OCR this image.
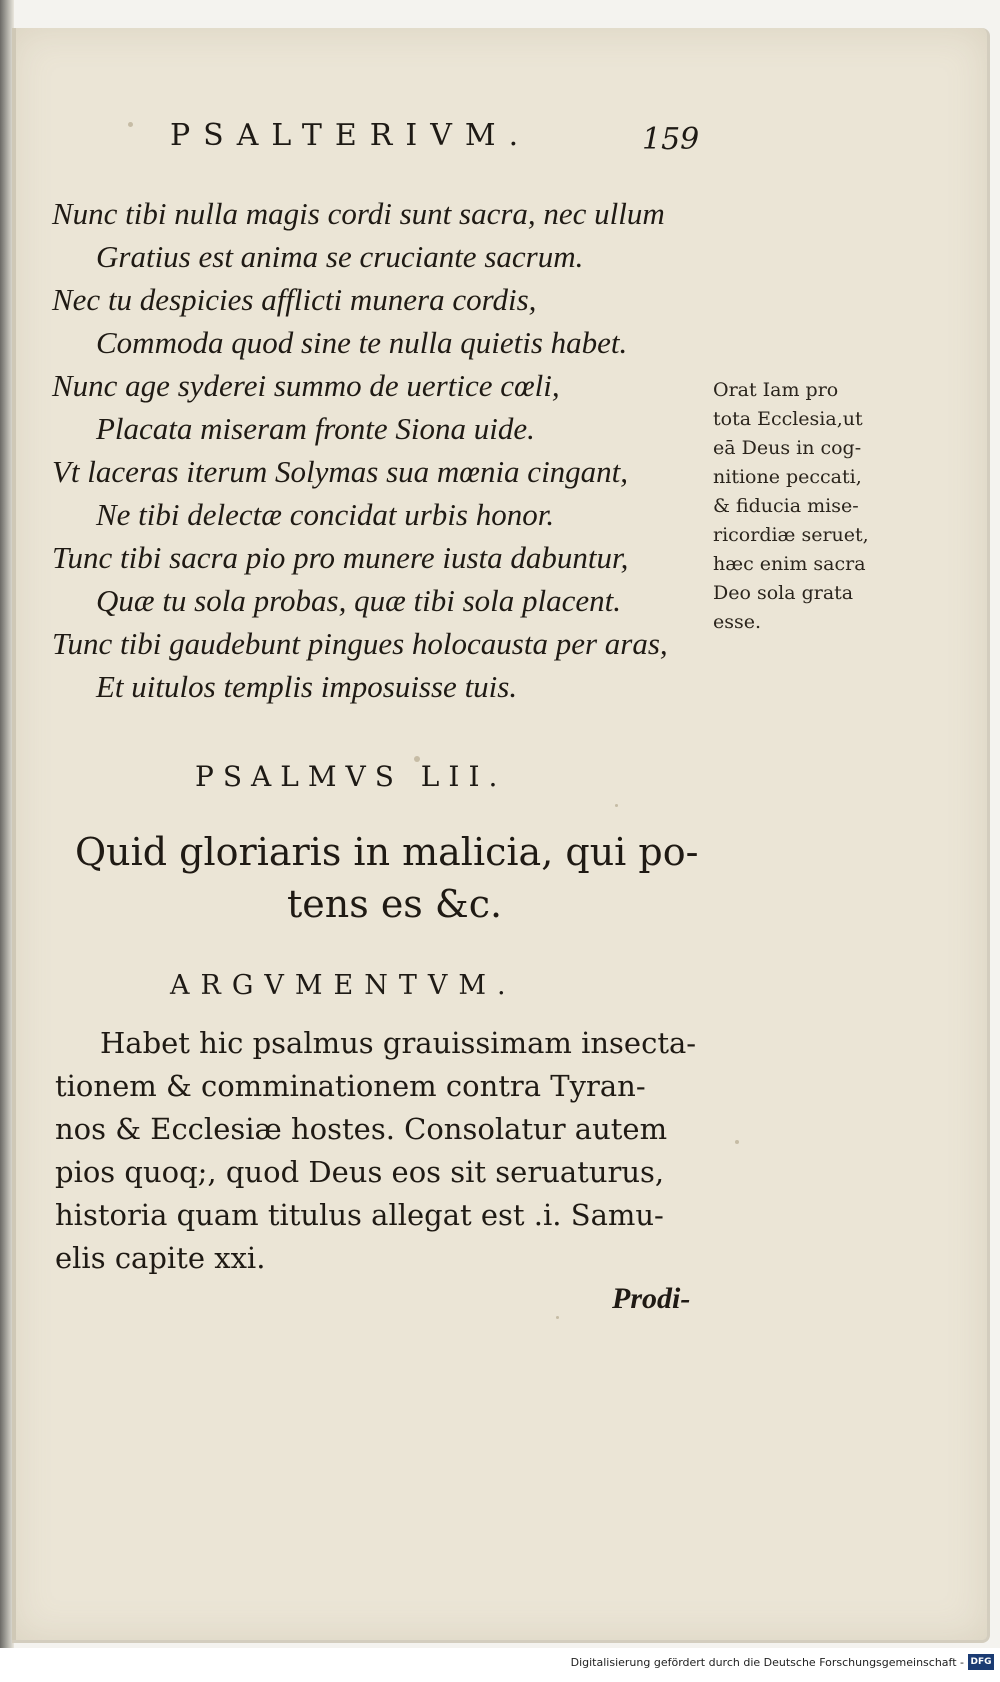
PSALTERIVM.	159
Nunc tibi nulla magis cordi sunt sacra, nec ullum
Gratius est anima se cruciante sacrum.
Nec tu despicies afflicti munera cordis,
Commoda quod sine te nulla quietis habet.
Nunc age syderei summo de uertice cœli,
Placata miseram fronte Siona uide.
Vt laceras iterum Solymas sua mœnia cingant,
Ne tibi delectæ concidat urbis honor.
Tunc tibi sacra pio pro munere iusta dabuntur,
Quæ tu sola probas, quæ tibi sola placent.
Tunc tibi gaudebunt pingues holocausta per aras,
Et uitulos templis imposuisse tuis.
Orat Iam pro
tota Ecclesia,ut
eā Deus in cog-
nitione peccati,
& fiducia mise-
ricordiæ seruet,
hæc enim sacra
Deo sola grata
esse.
PSALMVS LII.
Quid gloriaris in malicia, qui po-
tens es &c.
ARGVMENTVM.
Habet hic psalmus grauissimam insecta-
tionem & comminationem contra Tyran-
nos & Ecclesiæ hostes. Consolatur autem
pios quoq;, quod Deus eos sit seruaturus,
historia quam titulus allegat est .i. Samu-
elis capite xxi.
Prodi-
Digitalisierung gefördert durch die Deutsche Forschungsgemeinschaft - DFG
